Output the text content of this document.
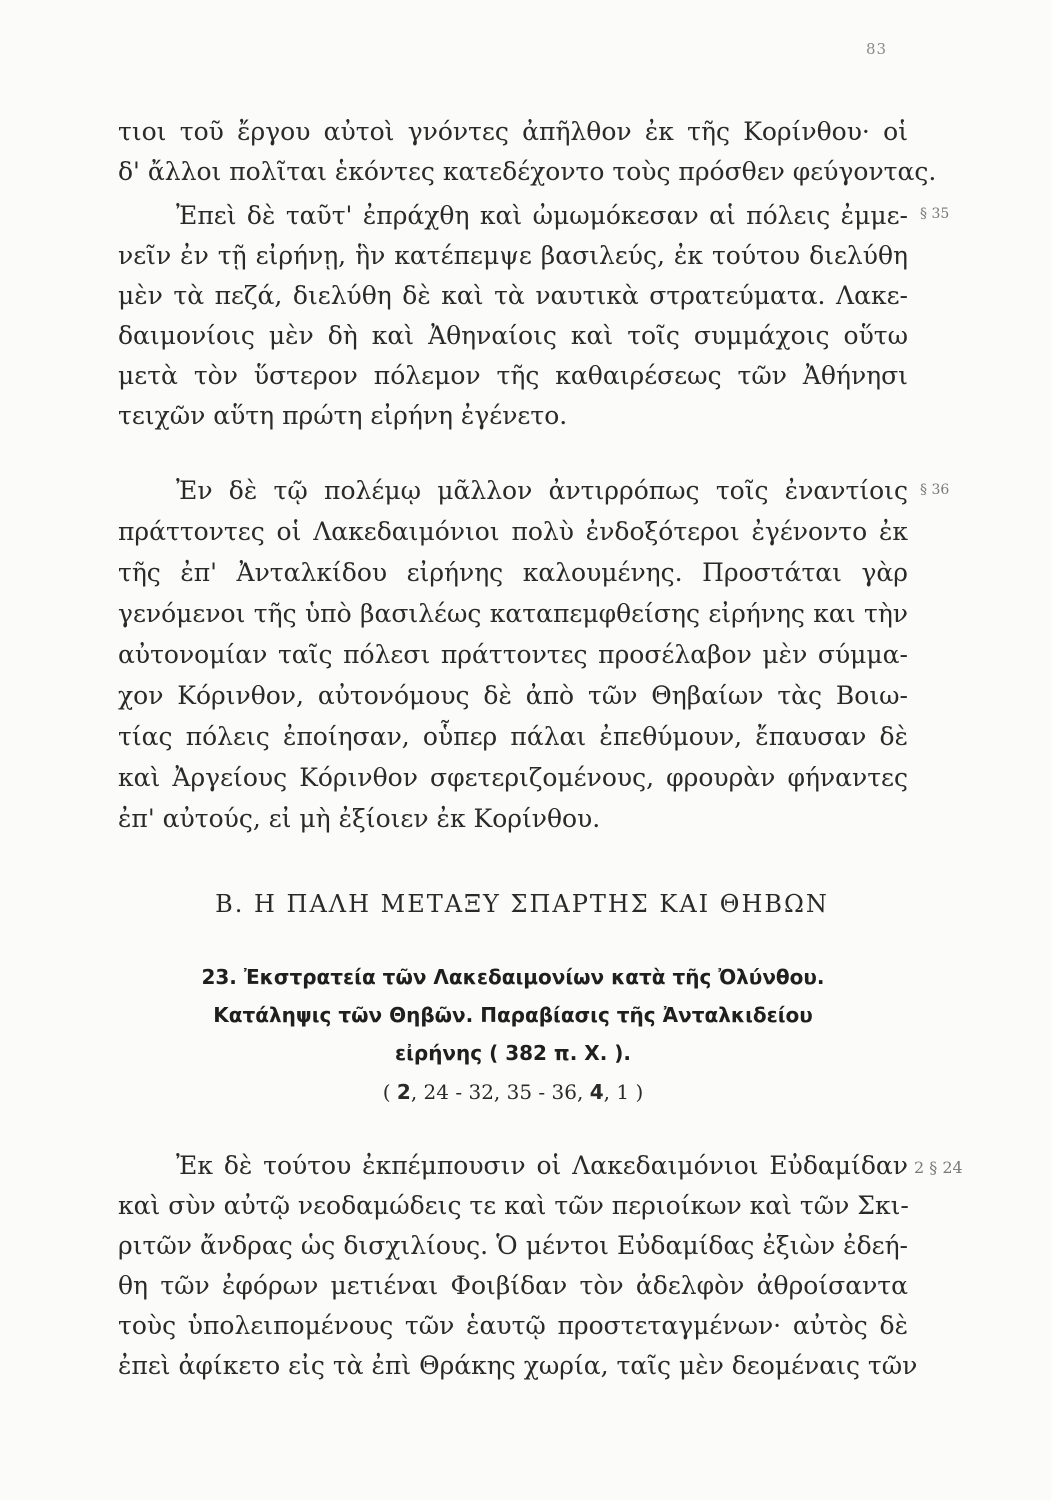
83
τιοι τοῦ ἔργου αὐτοὶ γνόντες ἀπῆλθον ἐκ τῆς Κορίνθου· οἱ
δ' ἄλλοι πολῖται ἑκόντες κατεδέχοντο τοὺς πρόσθεν φεύγοντας.
Ἐπεὶ δὲ ταῦτ' ἐπράχθη καὶ ὠμωμόκεσαν αἱ πόλεις ἐμμε-
νεῖν ἐν τῇ εἰρήνῃ, ἣν κατέπεμψε βασιλεύς, ἐκ τούτου διελύθη
μὲν τὰ πεζά, διελύθη δὲ καὶ τὰ ναυτικὰ στρατεύματα. Λακε-
δαιμονίοις μὲν δὴ καὶ Ἀθηναίοις καὶ τοῖς συμμάχοις οὕτω
μετὰ τὸν ὕστερον πόλεμον τῆς καθαιρέσεως τῶν Ἀθήνησι
τειχῶν αὕτη πρώτη εἰρήνη ἐγένετο.
§ 35
Ἐν δὲ τῷ πολέμῳ μᾶλλον ἀντιρρόπως τοῖς ἐναντίοις
πράττοντες οἱ Λακεδαιμόνιοι πολὺ ἐνδοξότεροι ἐγένοντο ἐκ
τῆς ἐπ' Ἀνταλκίδου εἰρήνης καλουμένης. Προστάται γὰρ
γενόμενοι τῆς ὑπὸ βασιλέως καταπεμφθείσης εἰρήνης και τὴν
αὐτονομίαν ταῖς πόλεσι πράττοντες προσέλαβον μὲν σύμμα-
χον Κόρινθον, αὐτονόμους δὲ ἀπὸ τῶν Θηβαίων τὰς Βοιω-
τίας πόλεις ἐποίησαν, οὗπερ πάλαι ἐπεθύμουν, ἔπαυσαν δὲ
καὶ Ἀργείους Κόρινθον σφετεριζομένους, φρουρὰν φήναντες
ἐπ' αὐτούς, εἰ μὴ ἐξίοιεν ἐκ Κορίνθου.
§ 36
Β. Η ΠΑΛΗ ΜΕΤΑΞΥ ΣΠΑΡΤΗΣ ΚΑΙ ΘΗΒΩΝ
23. Ἐκστρατεία τῶν Λακεδαιμονίων κατὰ τῆς Ὀλύνθου.
Κατάληψις τῶν Θηβῶν. Παραβίασις τῆς Ἀνταλκιδείου
εἰρήνης ( 382 π. Χ. ).
( 2, 24 - 32, 35 - 36, 4, 1 )
Ἐκ δὲ τούτου ἐκπέμπουσιν οἱ Λακεδαιμόνιοι Εὐδαμίδαν
καὶ σὺν αὐτῷ νεοδαμώδεις τε καὶ τῶν περιοίκων καὶ τῶν Σκι-
ριτῶν ἄνδρας ὡς δισχιλίους. Ὁ μέντοι Εὐδαμίδας ἐξιὼν ἐδεή-
θη τῶν ἐφόρων μετιέναι Φοιβίδαν τὸν ἀδελφὸν ἀθροίσαντα
τοὺς ὑπολειπομένους τῶν ἑαυτῷ προστεταγμένων· αὐτὸς δὲ
ἐπεὶ ἀφίκετο εἰς τὰ ἐπὶ Θράκης χωρία, ταῖς μὲν δεομέναις τῶν
2 § 24
